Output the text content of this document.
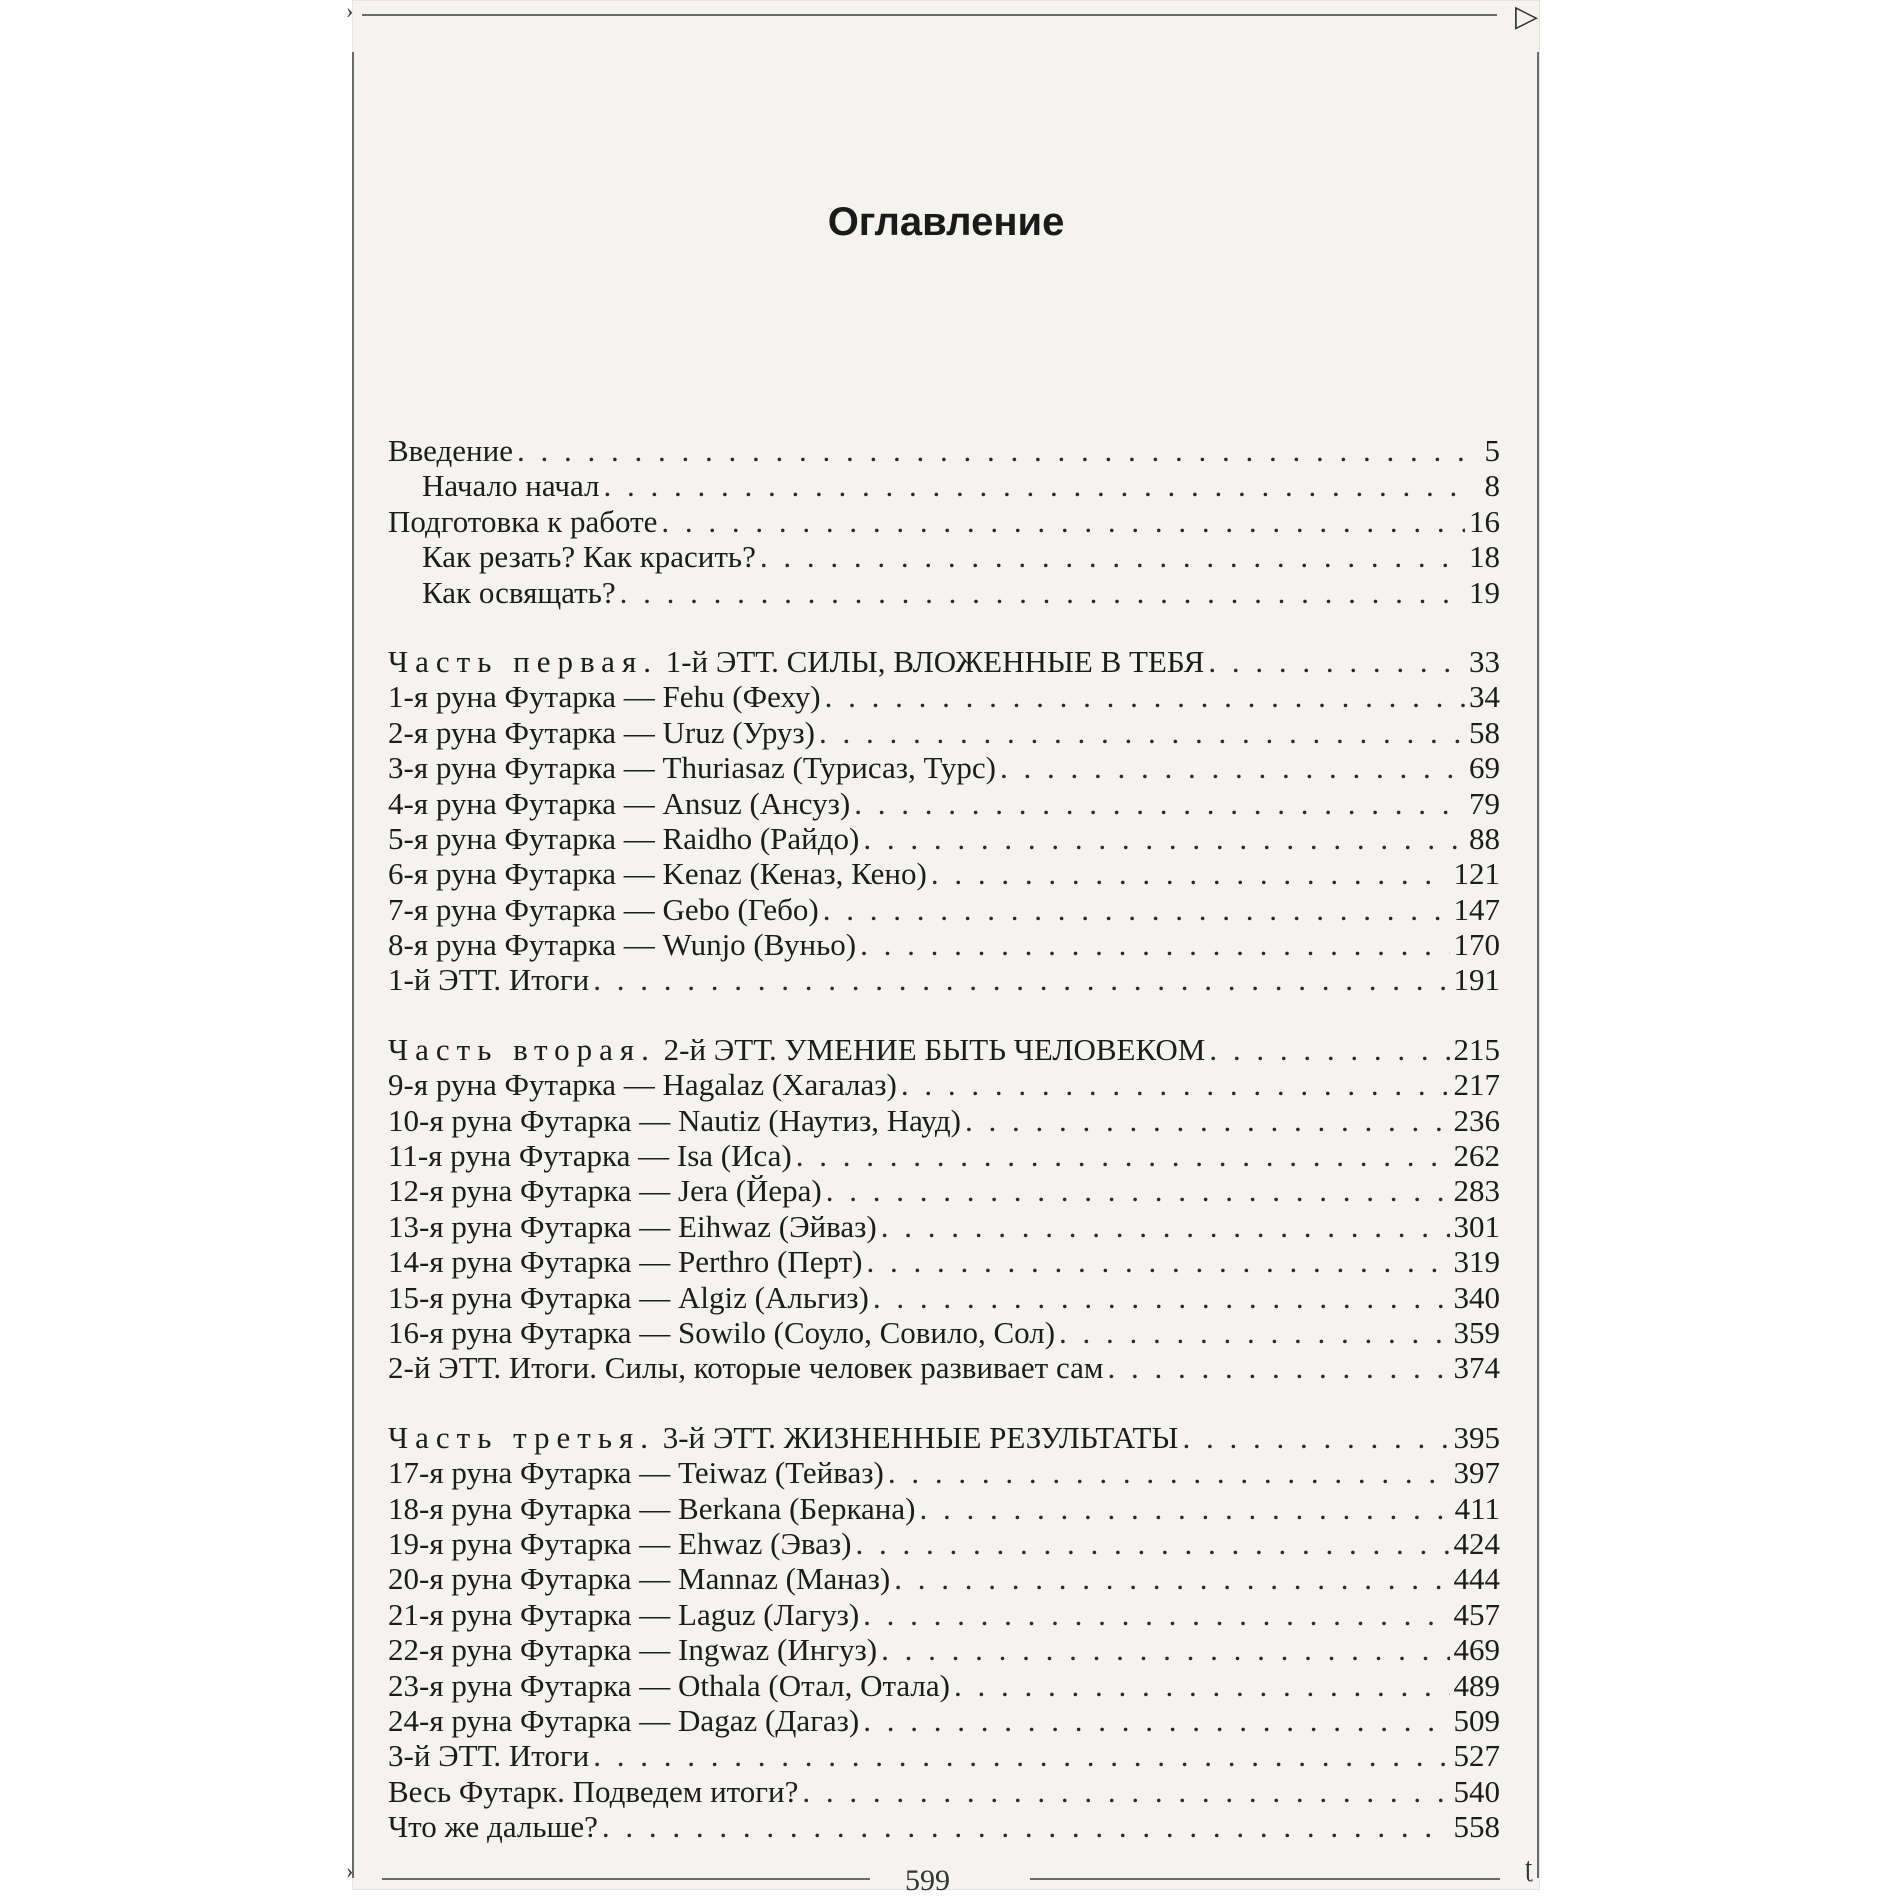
›	▷
›	ʈ
Оглавление
Введение . . .	5
Начало начал . . .	8
Подготовка к работе . . .	16
Как резать? Как красить? . . .	18
Как освящать? . . .	19
Часть первая. 1-й ЭТТ. СИЛЫ, ВЛОЖЕННЫЕ В ТЕБЯ . . .	33
1-я руна Футарка — Fehu (Феху) . . .	34
2-я руна Футарка — Uruz (Уруз) . . .	58
3-я руна Футарка — Thuriasaz (Турисаз, Турс) . . .	69
4-я руна Футарка — Ansuz (Ансуз) . . .	79
5-я руна Футарка — Raidho (Райдо) . . .	88
6-я руна Футарка — Kenaz (Кеназ, Кено) . . .	121
7-я руна Футарка — Gebo (Гебо) . . .	147
8-я руна Футарка — Wunjo (Вуньо) . . .	170
1-й ЭТТ. Итоги . . .	191
Часть вторая. 2-й ЭТТ. УМЕНИЕ БЫТЬ ЧЕЛОВЕКОМ . . .	215
9-я руна Футарка — Hagalaz (Хагалаз) . . .	217
10-я руна Футарка — Nautiz (Наутиз, Науд) . . .	236
11-я руна Футарка — Isa (Иса) . . .	262
12-я руна Футарка — Jera (Йера) . . .	283
13-я руна Футарка — Eihwaz (Эйваз) . . .	301
14-я руна Футарка — Perthro (Перт) . . .	319
15-я руна Футарка — Algiz (Альгиз) . . .	340
16-я руна Футарка — Sowilo (Соуло, Совило, Сол) . . .	359
2-й ЭТТ. Итоги. Силы, которые человек развивает сам . . .	374
Часть третья. 3-й ЭТТ. ЖИЗНЕННЫЕ РЕЗУЛЬТАТЫ . . .	395
17-я руна Футарка — Teiwaz (Тейваз) . . .	397
18-я руна Футарка — Berkana (Беркана) . . .	411
19-я руна Футарка — Ehwaz (Эваз) . . .	424
20-я руна Футарка — Mannaz (Маназ) . . .	444
21-я руна Футарка — Laguz (Лагуз) . . .	457
22-я руна Футарка — Ingwaz (Ингуз) . . .	469
23-я руна Футарка — Othala (Отал, Отала) . . .	489
24-я руна Футарка — Dagaz (Дагаз) . . .	509
3-й ЭТТ. Итоги . . .	527
Весь Футарк. Подведем итоги? . . .	540
Что же дальше? . . .	558
599
